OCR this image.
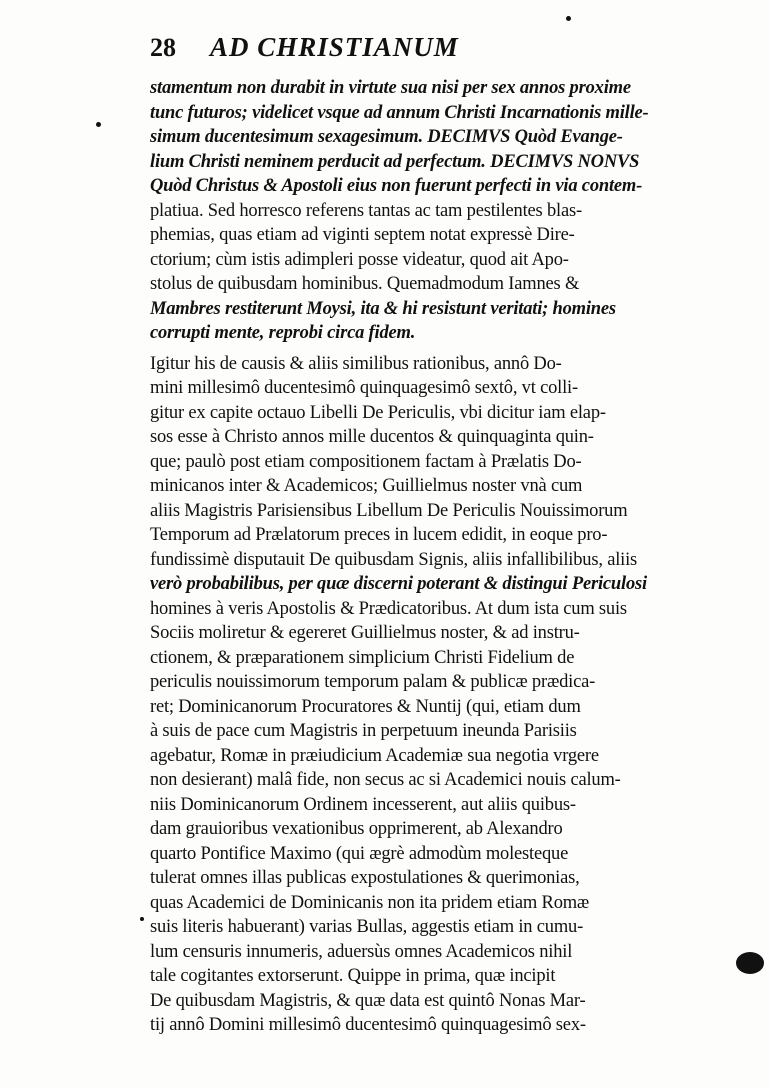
28	AD CHRISTIANUM
stamentum non durabit in virtute sua nisi per sex annos proxime
tunc futuros; videlicet vsque ad annum Christi Incarnationis mille-
simum ducentesimum sexagesimum. DECIMVS Quòd Evange-
lium Christi neminem perducit ad perfectum. DECIMVS NONVS
Quòd Christus & Apostoli eius non fuerunt perfecti in via contem-
platiua. Sed horresco referens tantas ac tam pestilentes blas-
phemias, quas etiam ad viginti septem notat expressè Dire-
ctorium; cùm istis adimpleri posse videatur, quod ait Apo-
stolus de quibusdam hominibus. Quemadmodum Iamnes &
Mambres restiterunt Moysi, ita & hi resistunt veritati; homines
corrupti mente, reprobi circa fidem.
Igitur his de causis & aliis similibus rationibus, annô Do-
mini millesimô ducentesimô quinquagesimô sextô, vt colli-
gitur ex capite octauo Libelli De Periculis, vbi dicitur iam elap-
sos esse à Christo annos mille ducentos & quinquaginta quin-
que; paulò post etiam compositionem factam à Prælatis Do-
minicanos inter & Academicos; Guillielmus noster vnà cum
aliis Magistris Parisiensibus Libellum De Periculis Nouissimorum
Temporum ad Prælatorum preces in lucem edidit, in eoque pro-
fundissimè disputauit De quibusdam Signis, aliis infallibilibus, aliis
verò probabilibus, per quæ discerni poterant & distingui Periculosi
homines à veris Apostolis & Prædicatoribus. At dum ista cum suis
Sociis moliretur & egereret Guillielmus noster, & ad instru-
ctionem, & præparationem simplicium Christi Fidelium de
periculis nouissimorum temporum palam & publicæ prædica-
ret; Dominicanorum Procuratores & Nuntij (qui, etiam dum
à suis de pace cum Magistris in perpetuum ineunda Parisiis
agebatur, Romæ in præiudicium Academiæ sua negotia vrgere
non desierant) malâ fide, non secus ac si Academici nouis calum-
niis Dominicanorum Ordinem incesserent, aut aliis quibus-
dam grauioribus vexationibus opprimerent, ab Alexandro
quarto Pontifice Maximo (qui ægrè admodùm molesteque
tulerat omnes illas publicas expostulationes & querimonias,
quas Academici de Dominicanis non ita pridem etiam Romæ
suis literis habuerant) varias Bullas, aggestis etiam in cumu-
lum censuris innumeris, aduersùs omnes Academicos nihil
tale cogitantes extorserunt. Quippe in prima, quæ incipit
De quibusdam Magistris, & quæ data est quintô Nonas Mar-
tij annô Domini millesimô ducentesimô quinquagesimô sex-
